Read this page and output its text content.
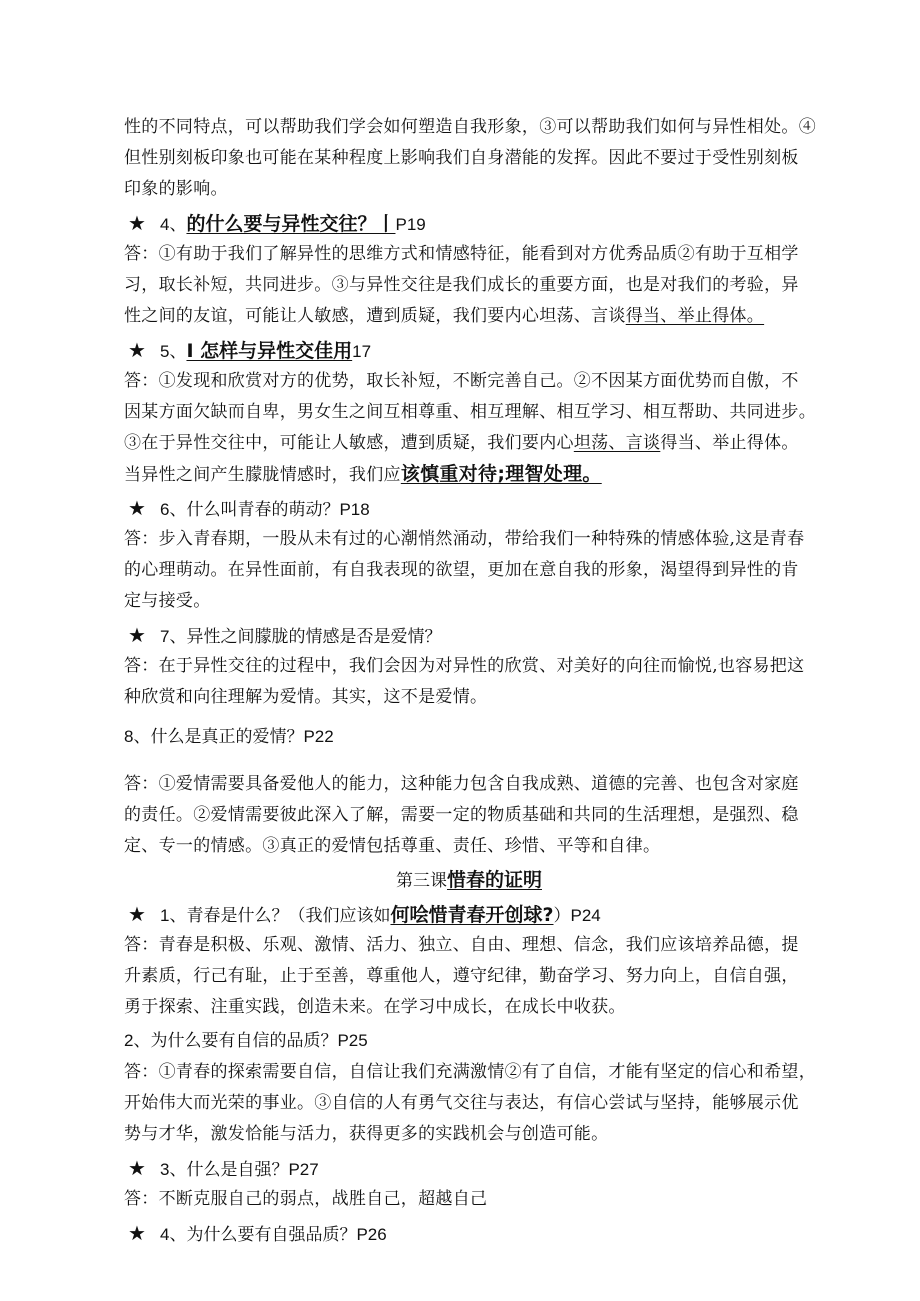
性的不同特点，可以帮助我们学会如何塑造自我形象，③可以帮助我们如何与异性相处。④
但性别刻板印象也可能在某种程度上影响我们自身潜能的发挥。因此不要过于受性别刻板
印象的影响。
★ 4、的什么要与异性交往？丨P19
答：①有助于我们了解异性的思维方式和情感特征，能看到对方优秀品质②有助于互相学
习，取长补短，共同进步。③与异性交往是我们成长的重要方面，也是对我们的考验，异
性之间的友谊，可能让人敏感，遭到质疑，我们要内心坦荡、言谈得当、举止得体。
★ 5、I 怎样与异性交佳用17
答：①发现和欣赏对方的优势，取长补短，不断完善自己。②不因某方面优势而自傲，不
因某方面欠缺而自卑，男女生之间互相尊重、相互理解、相互学习、相互帮助、共同进步。
③在于异性交往中，可能让人敏感，遭到质疑，我们要内心坦荡、言谈得当、举止得体。
当异性之间产生朦胧情感时，我们应该慎重对待;理智处理。
★ 6、什么叫青春的萌动？P18
答：步入青春期，一股从未有过的心潮悄然涌动，带给我们一种特殊的情感体验,这是青春
的心理萌动。在异性面前，有自我表现的欲望，更加在意自我的形象，渴望得到异性的肯
定与接受。
★ 7、异性之间朦胧的情感是否是爱情？
答：在于异性交往的过程中，我们会因为对异性的欣赏、对美好的向往而愉悦,也容易把这
种欣赏和向往理解为爱情。其实，这不是爱情。
8、什么是真正的爱情？P22
答：①爱情需要具备爱他人的能力，这种能力包含自我成熟、道德的完善、也包含对家庭
的责任。②爱情需要彼此深入了解，需要一定的物质基础和共同的生活理想，是强烈、稳
定、专一的情感。③真正的爱情包括尊重、责任、珍惜、平等和自律。
第三课惜春的证明
★ 1、青春是什么？（我们应该如何哙惜青春开创球?）P24
答：青春是积极、乐观、激情、活力、独立、自由、理想、信念，我们应该培养品德，提
升素质，行己有耻，止于至善，尊重他人，遵守纪律，勤奋学习、努力向上，自信自强，
勇于探索、注重实践，创造未来。在学习中成长，在成长中收获。
2、为什么要有自信的品质？P25
答：①青春的探索需要自信，自信让我们充满激情②有了自信，才能有坚定的信心和希望，
开始伟大而光荣的事业。③自信的人有勇气交往与表达，有信心尝试与坚持，能够展示优
势与才华，激发恰能与活力，获得更多的实践机会与创造可能。
★ 3、什么是自强？P27
答：不断克服自己的弱点，战胜自己，超越自己
★ 4、为什么要有自强品质？P26
